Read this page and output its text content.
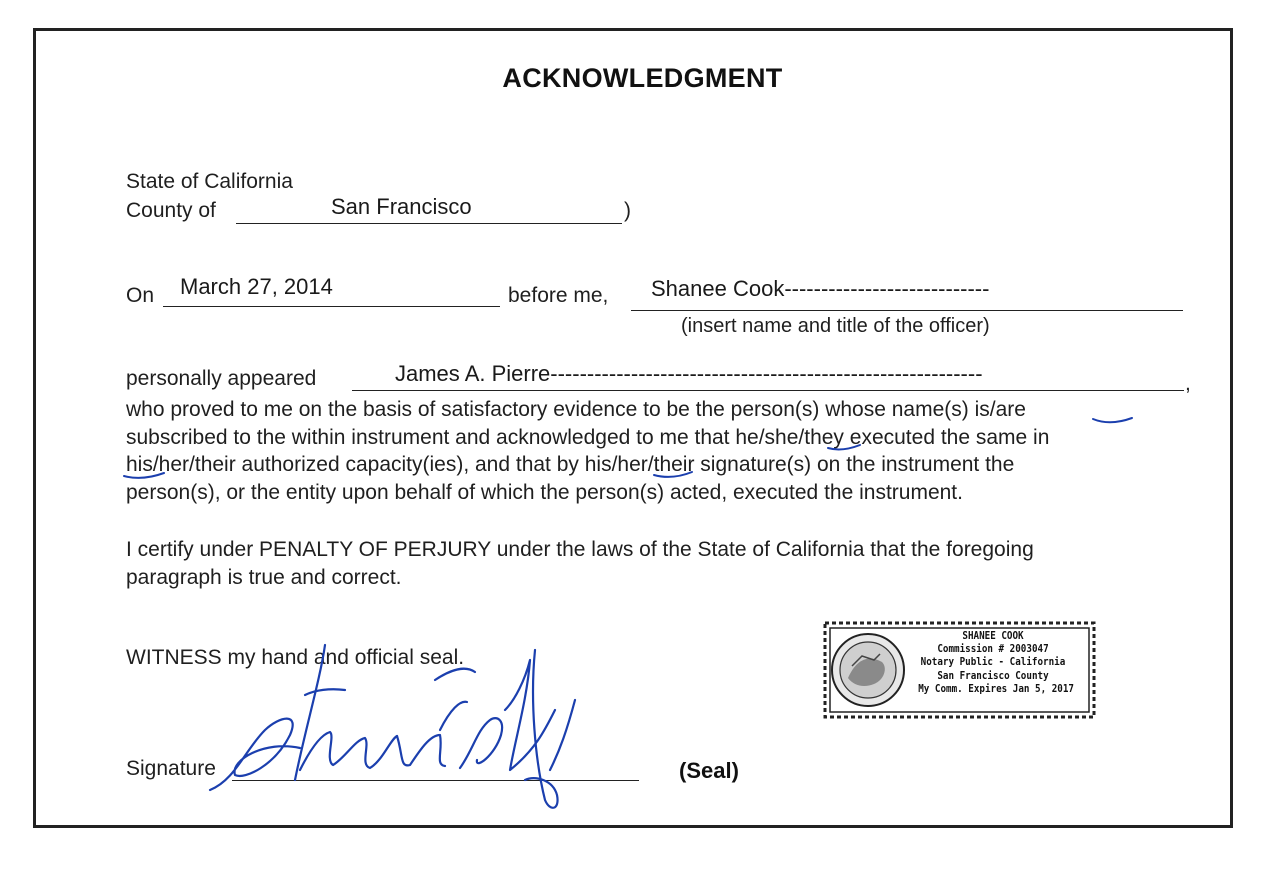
ACKNOWLEDGMENT
State of California
County of	San Francisco	)
On March 27, 2014	before me, Shanee Cook----------------------------
(insert name and title of the officer)
personally appeared	James A. Pierre-----------------------------------------------------------	,
who proved to me on the basis of satisfactory evidence to be the person(s) whose name(s) is/are
subscribed to the within instrument and acknowledged to me that he/she/they executed the same in
his/her/their authorized capacity(ies), and that by his/her/their signature(s) on the instrument the
person(s), or the entity upon behalf of which the person(s) acted, executed the instrument.
I certify under PENALTY OF PERJURY under the laws of the State of California that the foregoing
paragraph is true and correct.
WITNESS my hand and official seal.
Signature	(Seal)
SHANEE COOK
Commission # 2003047
Notary Public - California
San Francisco County
My Comm. Expires Jan 5, 2017
